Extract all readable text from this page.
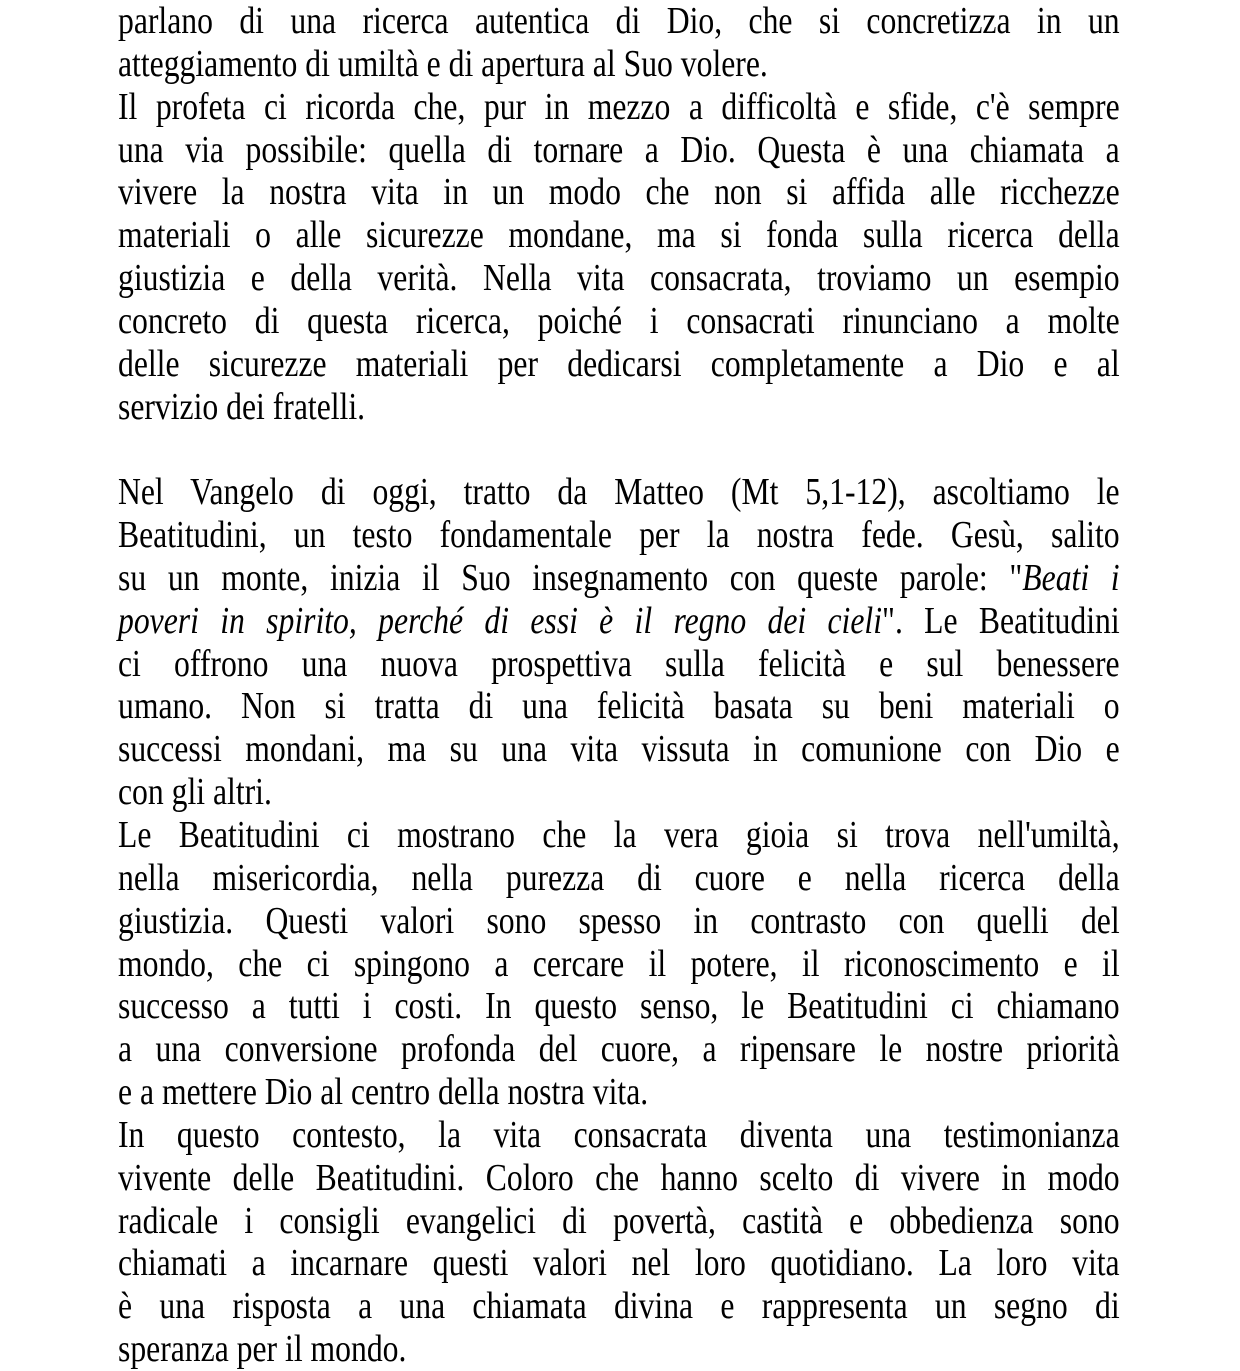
parlano di una ricerca autentica di Dio, che si concretizza in un
atteggiamento di umiltà e di apertura al Suo volere.
Il profeta ci ricorda che, pur in mezzo a difficoltà e sfide, c'è sempre
una via possibile: quella di tornare a Dio. Questa è una chiamata a
vivere la nostra vita in un modo che non si affida alle ricchezze
materiali o alle sicurezze mondane, ma si fonda sulla ricerca della
giustizia e della verità. Nella vita consacrata, troviamo un esempio
concreto di questa ricerca, poiché i consacrati rinunciano a molte
delle sicurezze materiali per dedicarsi completamente a Dio e al
servizio dei fratelli.
Nel Vangelo di oggi, tratto da Matteo (Mt 5,1-12), ascoltiamo le
Beatitudini, un testo fondamentale per la nostra fede. Gesù, salito
su un monte, inizia il Suo insegnamento con queste parole: "Beati i
poveri in spirito, perché di essi è il regno dei cieli". Le Beatitudini
ci offrono una nuova prospettiva sulla felicità e sul benessere
umano. Non si tratta di una felicità basata su beni materiali o
successi mondani, ma su una vita vissuta in comunione con Dio e
con gli altri.
Le Beatitudini ci mostrano che la vera gioia si trova nell'umiltà,
nella misericordia, nella purezza di cuore e nella ricerca della
giustizia. Questi valori sono spesso in contrasto con quelli del
mondo, che ci spingono a cercare il potere, il riconoscimento e il
successo a tutti i costi. In questo senso, le Beatitudini ci chiamano
a una conversione profonda del cuore, a ripensare le nostre priorità
e a mettere Dio al centro della nostra vita.
In questo contesto, la vita consacrata diventa una testimonianza
vivente delle Beatitudini. Coloro che hanno scelto di vivere in modo
radicale i consigli evangelici di povertà, castità e obbedienza sono
chiamati a incarnare questi valori nel loro quotidiano. La loro vita
è una risposta a una chiamata divina e rappresenta un segno di
speranza per il mondo.
